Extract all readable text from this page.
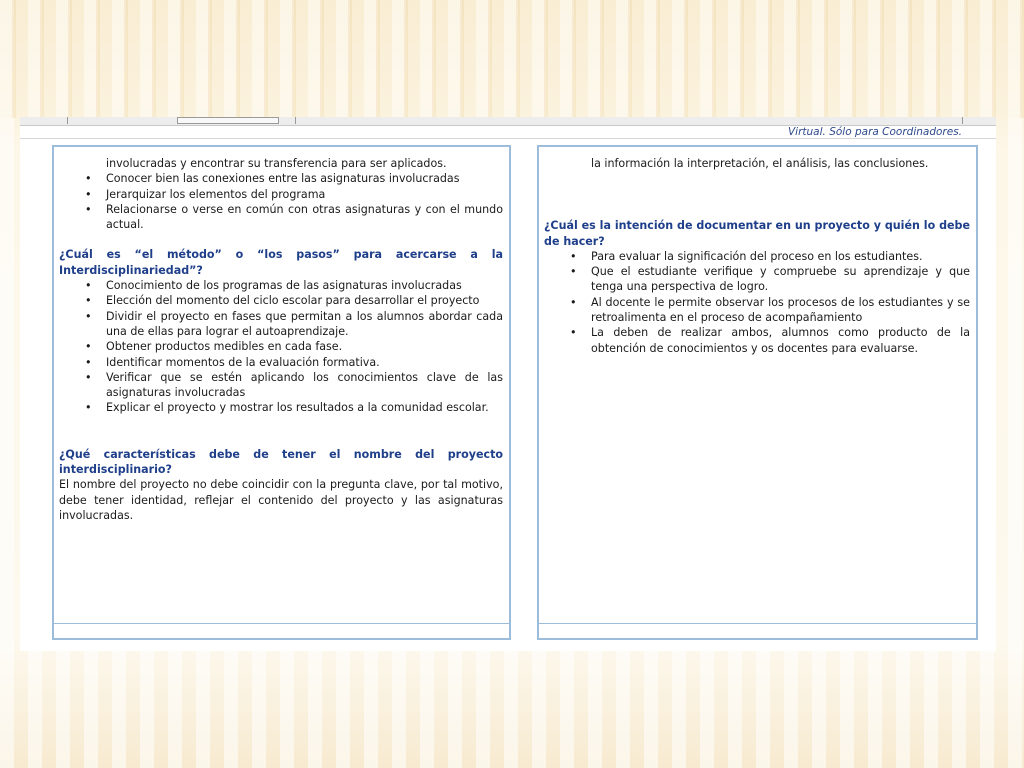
Virtual. Sólo para Coordinadores.

involucradas y encontrar su transferencia para ser aplicados.

• Conocer bien las conexiones entre las asignaturas involucradas
• Jerarquizar los elementos del programa
• Relacionarse o verse en común con otras asignaturas y con el mundo actual.

¿Cuál es “el método” o “los pasos” para acercarse a la Interdisciplinariedad”?

• Conocimiento de los programas de las asignaturas involucradas
• Elección del momento del ciclo escolar para desarrollar el proyecto
• Dividir el proyecto en fases que permitan a los alumnos abordar cada una de ellas para lograr el autoaprendizaje.
• Obtener productos medibles en cada fase.
• Identificar momentos de la evaluación formativa.
• Verificar que se estén aplicando los conocimientos clave de las asignaturas involucradas
• Explicar el proyecto y mostrar los resultados a la comunidad escolar.

¿Qué características debe de tener el nombre del proyecto interdisciplinario?

El nombre del proyecto no debe coincidir con la pregunta clave, por tal motivo, debe tener identidad, reflejar el contenido del proyecto y las asignaturas involucradas.

la información la interpretación, el análisis, las conclusiones.

¿Cuál es la intención de documentar en un proyecto y quién lo debe de hacer?

• Para evaluar la significación del proceso en los estudiantes.
• Que el estudiante verifique y compruebe su aprendizaje y que tenga una perspectiva de logro.
• Al docente le permite observar los procesos de los estudiantes y se retroalimenta en el proceso de acompañamiento
• La deben de realizar ambos, alumnos como producto de la obtención de conocimientos y os docentes para evaluarse.
